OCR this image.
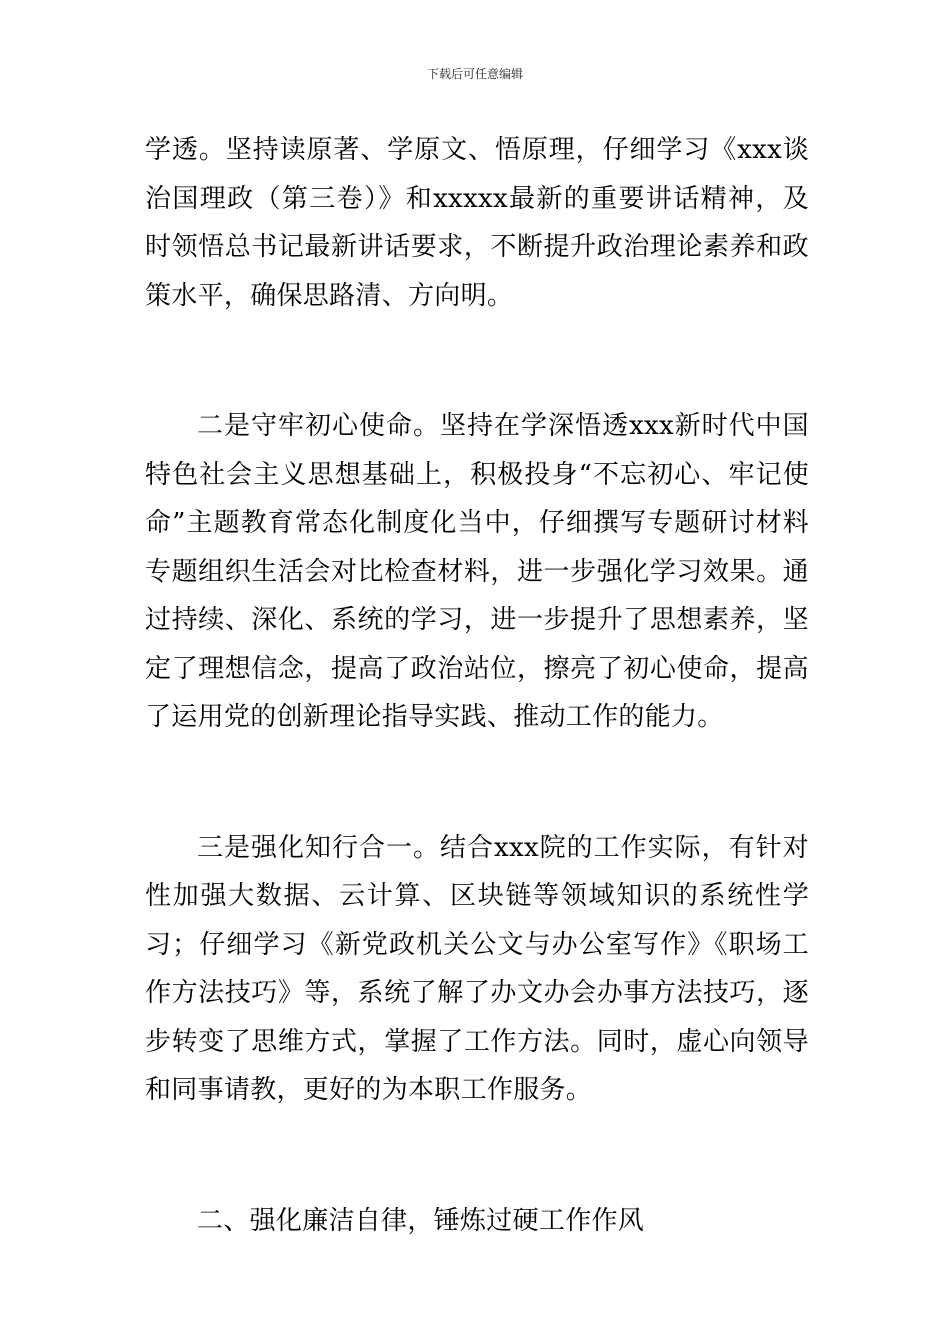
下载后可任意编辑

学透。坚持读原著、学原文、悟原理，仔细学习《xxx谈治国理政（第三卷）》和xxxxx最新的重要讲话精神，及时领悟总书记最新讲话要求，不断提升政治理论素养和政策水平，确保思路清、方向明。

二是守牢初心使命。坚持在学深悟透xxx新时代中国特色社会主义思想基础上，积极投身“不忘初心、牢记使命”主题教育常态化制度化当中，仔细撰写专题研讨材料专题组织生活会对比检查材料，进一步强化学习效果。通过持续、深化、系统的学习，进一步提升了思想素养，坚定了理想信念，提高了政治站位，擦亮了初心使命，提高了运用党的创新理论指导实践、推动工作的能力。

三是强化知行合一。结合xxx院的工作实际，有针对性加强大数据、云计算、区块链等领域知识的系统性学习；仔细学习《新党政机关公文与办公室写作》《职场工作方法技巧》等，系统了解了办文办会办事方法技巧，逐步转变了思维方式，掌握了工作方法。同时，虚心向领导和同事请教，更好的为本职工作服务。

二、强化廉洁自律，锤炼过硬工作作风
